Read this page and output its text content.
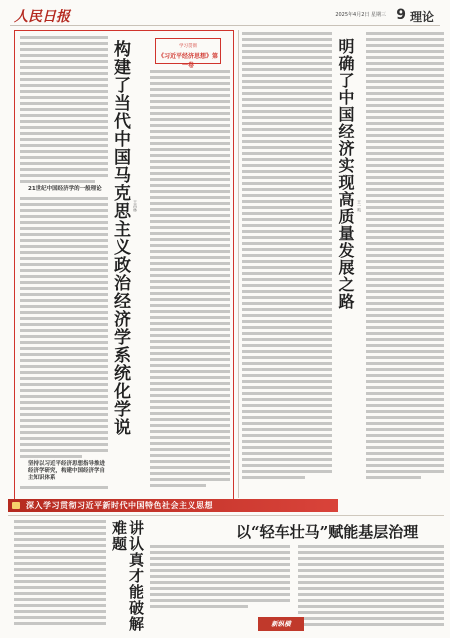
人民日报	2025年4月2日 星期三 9 理论
21世纪中国经济学的一般理论
坚持以习近平经济思想指导推进经济学研究，构建中国经济学自主知识体系
构建了当代中国马克思主义政治经济学系统化学说 王昌林
学习贯彻
《习近平经济思想》第一卷	明确了中国经济实现高质量发展之路 王一鸣
深入学习贯彻习近平新时代中国特色社会主义思想
讲认真才能破解难题	以“轻车壮马”赋能基层治理
新纵横
